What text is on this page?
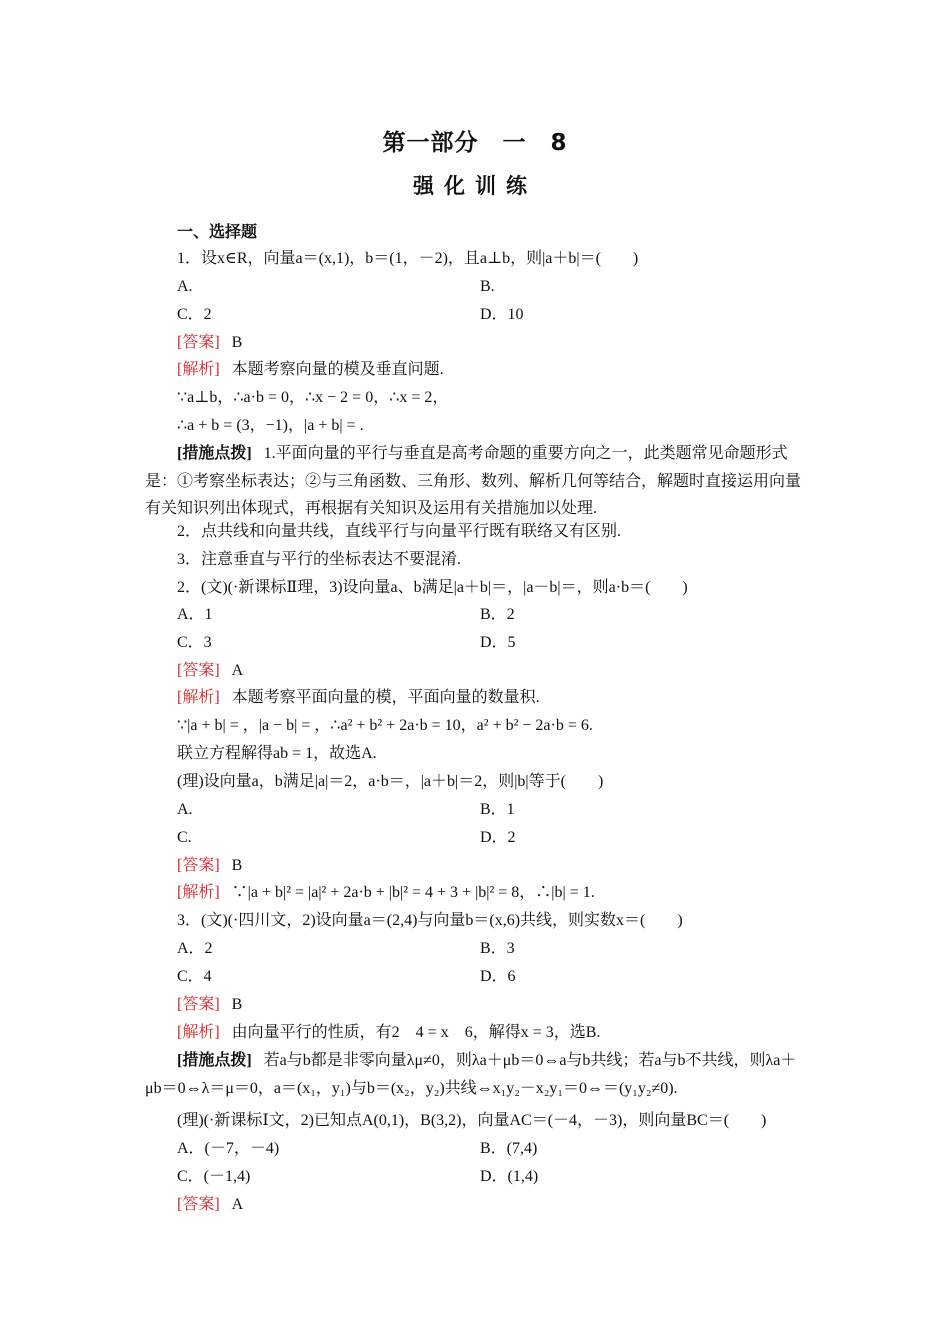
第一部分　一　8
强化训练
一、选择题
1．设x∈R，向量a＝(x,1)，b＝(1，－2)，且a⊥b，则|a＋b|＝(　　)
A.	B.
C．2	D．10
[答案] B
[解析] 本题考察向量的模及垂直问题.
∵a⊥b，∴a·b = 0，∴x − 2 = 0，∴x = 2，
∴a + b = (3，−1)，|a + b| = .
[措施点拨] 1.平面向量的平行与垂直是高考命题的重要方向之一，此类题常见命题形式是：①考察坐标表达；②与三角函数、三角形、数列、解析几何等结合，解题时直接运用向量有关知识列出体现式，再根据有关知识及运用有关措施加以处理.
2．点共线和向量共线，直线平行与向量平行既有联络又有区别.
3．注意垂直与平行的坐标表达不要混淆.
2．(文)(·新课标Ⅱ理，3)设向量a、b满足|a＋b|＝，|a－b|＝，则a·b＝(　　)
A．1	B．2
C．3	D．5
[答案] A
[解析] 本题考察平面向量的模，平面向量的数量积.
∵|a + b| = ，|a − b| = ，∴a² + b² + 2a·b = 10，a² + b² − 2a·b = 6.
联立方程解得ab = 1，故选A.
(理)设向量a，b满足|a|＝2，a·b＝，|a＋b|＝2，则|b|等于(　　)
A.	B．1
C.	D．2
[答案] B
[解析] ∵|a + b|² = |a|² + 2a·b + |b|² = 4 + 3 + |b|² = 8，∴|b| = 1.
3．(文)(·四川文，2)设向量a＝(2,4)与向量b＝(x,6)共线，则实数x＝(　　)
A．2	B．3
C．4	D．6
[答案] B
[解析] 由向量平行的性质，有2　4 = x　6，解得x = 3，选B.
[措施点拨] 若a与b都是非零向量λμ≠0，则λa＋μb＝0⇔a与b共线；若a与b不共线，则λa＋μb＝0⇔λ＝μ＝0，a＝(x₁，y₁)与b＝(x₂，y₂)共线⇔x₁y₂－x₂y₁＝0⇔＝(y₁y₂≠0).
(理)(·新课标Ⅰ文，2)已知点A(0,1)，B(3,2)，向量AC＝(－4，－3)，则向量BC＝(　　)
A．(－7，－4)	B．(7,4)
C．(－1,4)	D．(1,4)
[答案] A
